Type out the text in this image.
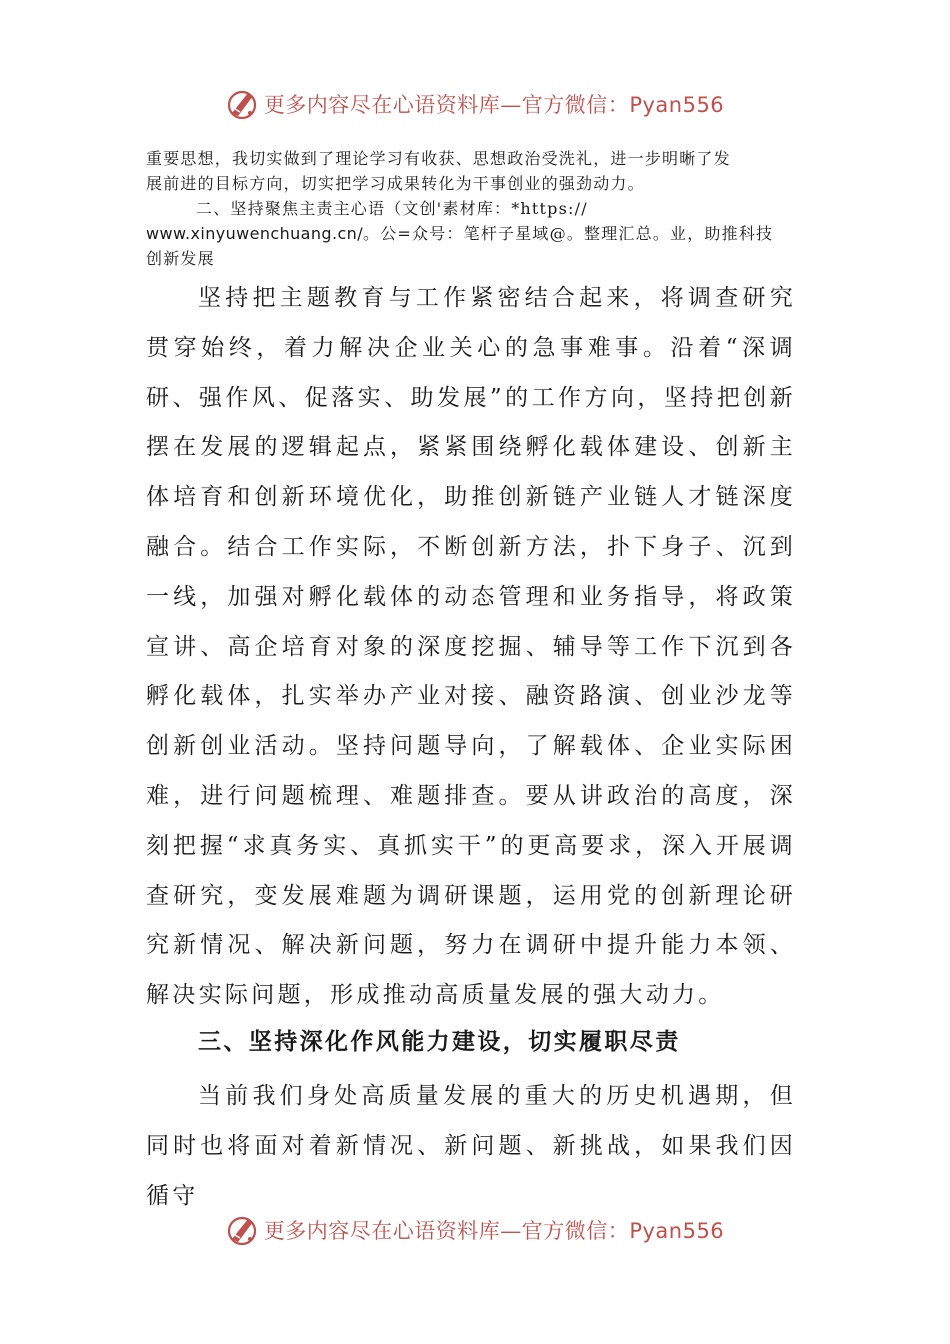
更多内容尽在心语资料库—官方微信：Pyan556

重要思想，我切实做到了理论学习有收获、思想政治受洗礼，进一步明晰了发

展前进的目标方向，切实把学习成果转化为干事创业的强劲动力。

二、坚持聚焦主责主心语（文创'素材库：*https://

www.xinyuwenchuang.cn/。公=众号：笔杆子星域@。整理汇总。业，助推科技

创新发展

坚持把主题教育与工作紧密结合起来，将调查研究贯穿始终，着力解决企业关心的急事难事。沿着“深调研、强作风、促落实、助发展”的工作方向，坚持把创新摆在发展的逻辑起点，紧紧围绕孵化载体建设、创新主体培育和创新环境优化，助推创新链产业链人才链深度融合。结合工作实际，不断创新方法，扑下身子、沉到一线，加强对孵化载体的动态管理和业务指导，将政策宣讲、高企培育对象的深度挖掘、辅导等工作下沉到各孵化载体，扎实举办产业对接、融资路演、创业沙龙等创新创业活动。坚持问题导向，了解载体、企业实际困难，进行问题梳理、难题排查。要从讲政治的高度，深刻把握“求真务实、真抓实干”的更高要求，深入开展调查研究，变发展难题为调研课题，运用党的创新理论研究新情况、解决新问题，努力在调研中提升能力本领、解决实际问题，形成推动高质量发展的强大动力。

三、坚持深化作风能力建设，切实履职尽责

当前我们身处高质量发展的重大的历史机遇期，但同时也将面对着新情况、新问题、新挑战，如果我们因循守

更多内容尽在心语资料库—官方微信：Pyan556
